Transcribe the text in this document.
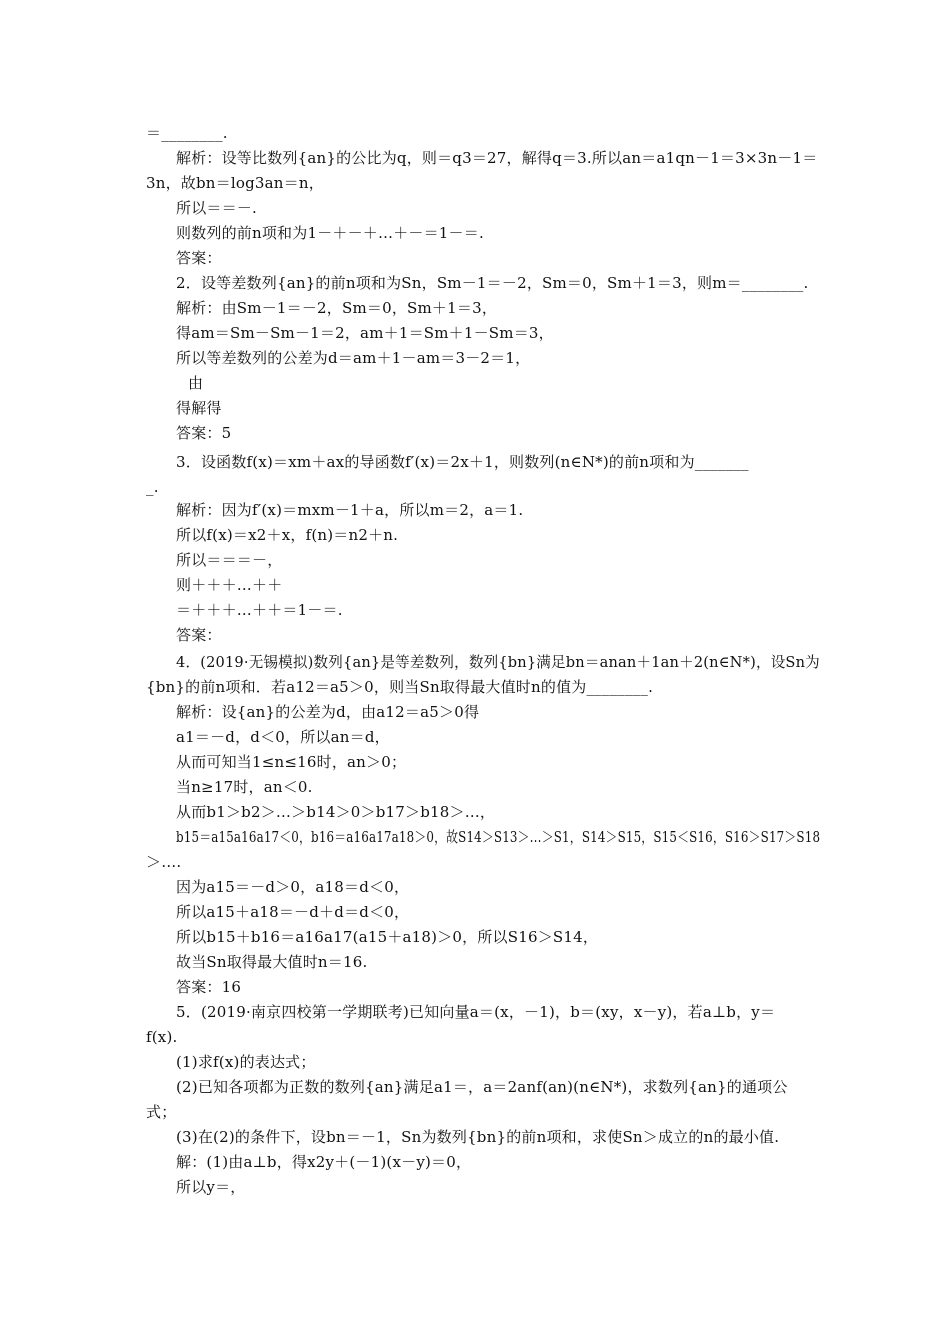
＝________.
解析：设等比数列{an}的公比为q，则＝q3＝27，解得q＝3.所以an＝a1qn－1＝3×3n－1＝
3n，故bn＝log3an＝n，
所以＝＝－.
则数列的前n项和为1－＋－＋…＋－＝1－＝.
答案：
2．设等差数列{an}的前n项和为Sn，Sm－1＝－2，Sm＝0，Sm＋1＝3，则m＝________.
解析：由Sm－1＝－2，Sm＝0，Sm＋1＝3，
得am＝Sm－Sm－1＝2，am＋1＝Sm＋1－Sm＝3，
所以等差数列的公差为d＝am＋1－am＝3－2＝1，
由
得解得
答案：5
3．设函数f(x)＝xm＋ax的导函数f′(x)＝2x＋1，则数列(n∈N*)的前n项和为_______
_.
解析：因为f′(x)＝mxm－1＋a，所以m＝2，a＝1.
所以f(x)＝x2＋x，f(n)＝n2＋n.
所以＝＝＝－，
则＋＋＋…＋＋
＝＋＋＋…＋＋＝1－＝.
答案：
4．(2019·无锡模拟)数列{an}是等差数列，数列{bn}满足bn＝anan＋1an＋2(n∈N*)，设Sn为
{bn}的前n项和．若a12＝a5＞0，则当Sn取得最大值时n的值为________.
解析：设{an}的公差为d，由a12＝a5＞0得
a1＝－d，d＜0，所以an＝d，
从而可知当1≤n≤16时，an＞0；
当n≥17时，an＜0.
从而b1＞b2＞…＞b14＞0＞b17＞b18＞…，
b15＝a15a16a17＜0，b16＝a16a17a18＞0，故S14＞S13＞…＞S1，S14＞S15，S15＜S16，S16＞S17＞S18
＞….
因为a15＝－d＞0，a18＝d＜0，
所以a15＋a18＝－d＋d＝d＜0，
所以b15＋b16＝a16a17(a15＋a18)＞0，所以S16＞S14，
故当Sn取得最大值时n＝16.
答案：16
5．(2019·南京四校第一学期联考)已知向量a＝(x，－1)，b＝(xy，x－y)，若a⊥b，y＝
f(x).
(1)求f(x)的表达式；
(2)已知各项都为正数的数列{an}满足a1＝，a＝2anf(an)(n∈N*)，求数列{an}的通项公
式；
(3)在(2)的条件下，设bn＝－1，Sn为数列{bn}的前n项和，求使Sn＞成立的n的最小值.
解：(1)由a⊥b，得x2y＋(－1)(x－y)＝0，
所以y＝，
